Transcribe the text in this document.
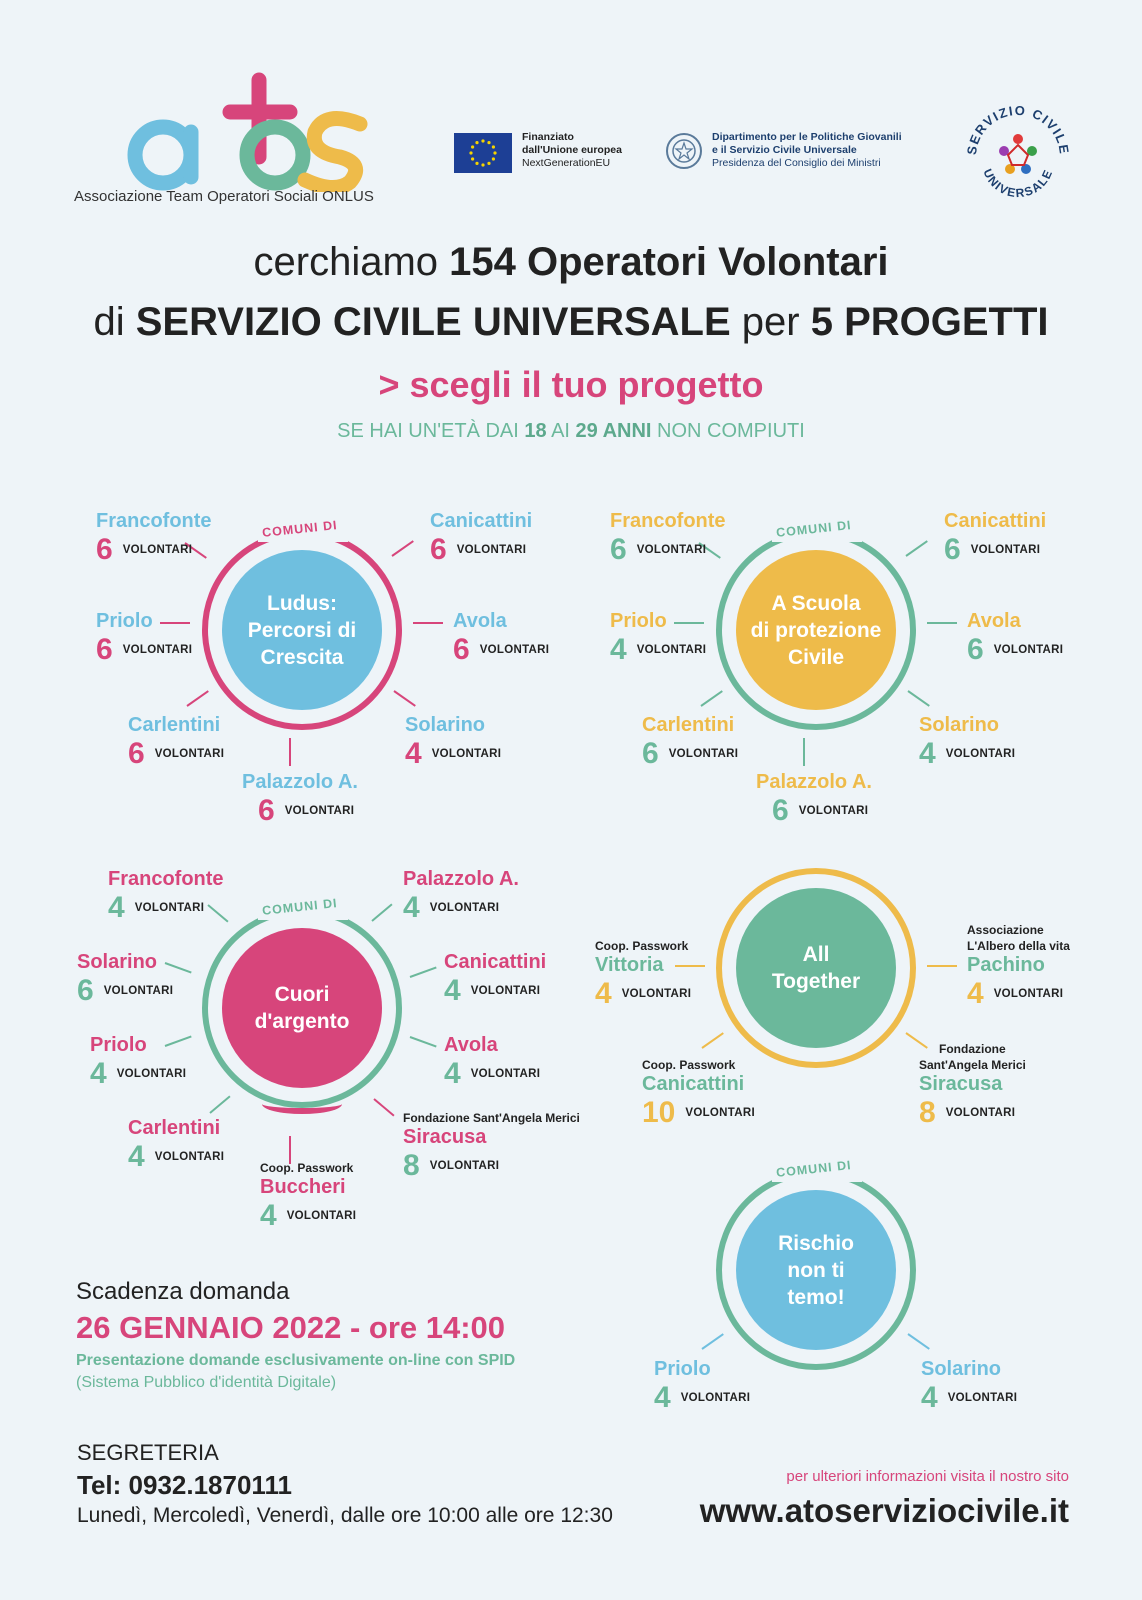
Associazione Team Operatori Sociali ONLUS
Finanziato
dall'Unione europea
NextGenerationEU
Dipartimento per le Politiche Giovanili
e il Servizio Civile Universale
Presidenza del Consiglio dei Ministri
SERVIZIO CIVILE
UNIVERSALE
cerchiamo 154 Operatori Volontari
di SERVIZIO CIVILE UNIVERSALE per 5 PROGETTI
> scegli il tuo progetto
SE HAI UN'ETÀ DAI 18 AI 29 ANNI NON COMPIUTI
COMUNI DI
Ludus:
Percorsi di
Crescita
Francofonte
6 VOLONTARI
Canicattini
6 VOLONTARI
Priolo
6 VOLONTARI
Avola
6 VOLONTARI
Carlentini
6 VOLONTARI
Solarino
4 VOLONTARI
Palazzolo A.
6 VOLONTARI
COMUNI DI
A Scuola
di protezione
Civile
Francofonte
6 VOLONTARI
Canicattini
6 VOLONTARI
Priolo
4 VOLONTARI
Avola
6 VOLONTARI
Carlentini
6 VOLONTARI
Solarino
4 VOLONTARI
Palazzolo A.
6 VOLONTARI
COMUNI DI
Cuori
d'argento
Francofonte
4 VOLONTARI
Palazzolo A.
4 VOLONTARI
Solarino
6 VOLONTARI
Canicattini
4 VOLONTARI
Priolo
4 VOLONTARI
Avola
4 VOLONTARI
Carlentini
4 VOLONTARI
Fondazione Sant'Angela Merici
Siracusa
8 VOLONTARI
Coop. Passwork
Buccheri
4 VOLONTARI
All
Together
Coop. Passwork
Vittoria
4 VOLONTARI
Associazione
L'Albero della vita
Pachino
4 VOLONTARI
Coop. Passwork
Canicattini
10 VOLONTARI
Fondazione
Sant'Angela Merici
Siracusa
8 VOLONTARI
COMUNI DI
Rischio
non ti
temo!
Priolo
4 VOLONTARI
Solarino
4 VOLONTARI
Scadenza domanda
26 GENNAIO 2022 - ore 14:00
Presentazione domande esclusivamente on-line con SPID
(Sistema Pubblico d'identità Digitale)
SEGRETERIA
Tel: 0932.1870111
Lunedì, Mercoledì, Venerdì, dalle ore 10:00 alle ore 12:30
per ulteriori informazioni visita il nostro sito
www.atoserviziocivile.it
